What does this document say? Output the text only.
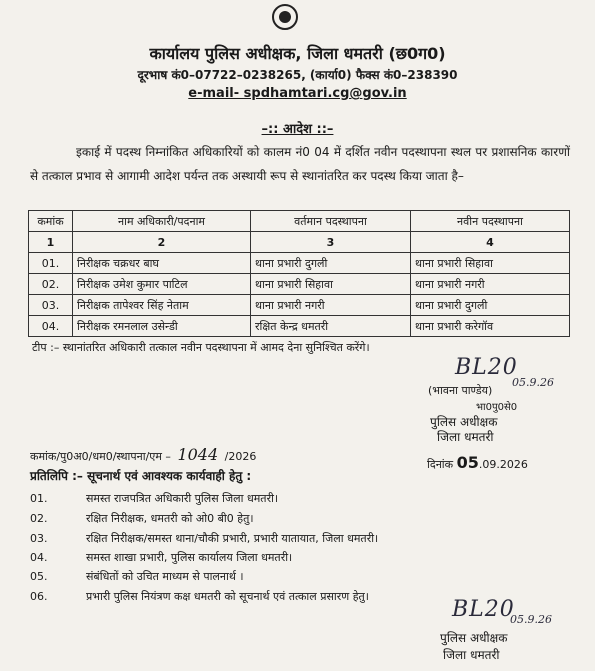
कार्यालय पुलिस अधीक्षक, जिला धमतरी (छ0ग0)
दूरभाष कं0–07722–0238265, (कार्या0) फैक्स कं0–238390
e-mail- spdhamtari.cg@gov.in
–:: आदेश ::–
इकाई में पदस्थ निम्नांकित अधिकारियों को कालम नं0 04 में दर्शित नवीन पदस्थापना स्थल पर प्रशासनिक कारणों से तत्काल प्रभाव से आगामी आदेश पर्यन्त तक अस्थायी रूप से स्थानांतरित कर पदस्थ किया जाता है–
कमांक	नाम अधिकारी/पदनाम	वर्तमान पदस्थापना	नवीन पदस्थापना
1	2	3	4
01.	निरीक्षक चक्रधर बाघ	थाना प्रभारी दुगली	थाना प्रभारी सिहावा
02.	निरीक्षक उमेश कुमार पाटिल	थाना प्रभारी सिहावा	थाना प्रभारी नगरी
03.	निरीक्षक तापेश्वर सिंह नेताम	थाना प्रभारी नगरी	थाना प्रभारी दुगली
04.	निरीक्षक रमनलाल उसेन्डी	रक्षित केन्द्र धमतरी	थाना प्रभारी करेगॉव
टीप :– स्थानांतरित अधिकारी तत्काल नवीन पदस्थापना में आमद देना सुनिश्चित करेंगे।
BL20
05.9.26
(भावना पाण्डेय)
भा0पु0से0
पुलिस अधीक्षक
जिला धमतरी
कमांक/पु0अ0/धम0/स्थापना/एम – 1044 /2026
दिनांक 05.09.2026
प्रतिलिपि :– सूचनार्थ एवं आवश्यक कार्यवाही हेतु :
01.	समस्त राजपत्रित अधिकारी पुलिस जिला धमतरी।
02.	रक्षित निरीक्षक, धमतरी को ओ0 बी0 हेतु।
03.	रक्षित निरीक्षक/समस्त थाना/चौकी प्रभारी, प्रभारी यातायात, जिला धमतरी।
04.	समस्त शाखा प्रभारी, पुलिस कार्यालय जिला धमतरी।
05.	संबंधितों को उचित माध्यम से पालनार्थ ।
06.	प्रभारी पुलिस नियंत्रण कक्ष धमतरी को सूचनार्थ एवं तत्काल प्रसारण हेतु।
BL20
05.9.26
पुलिस अधीक्षक
जिला धमतरी
